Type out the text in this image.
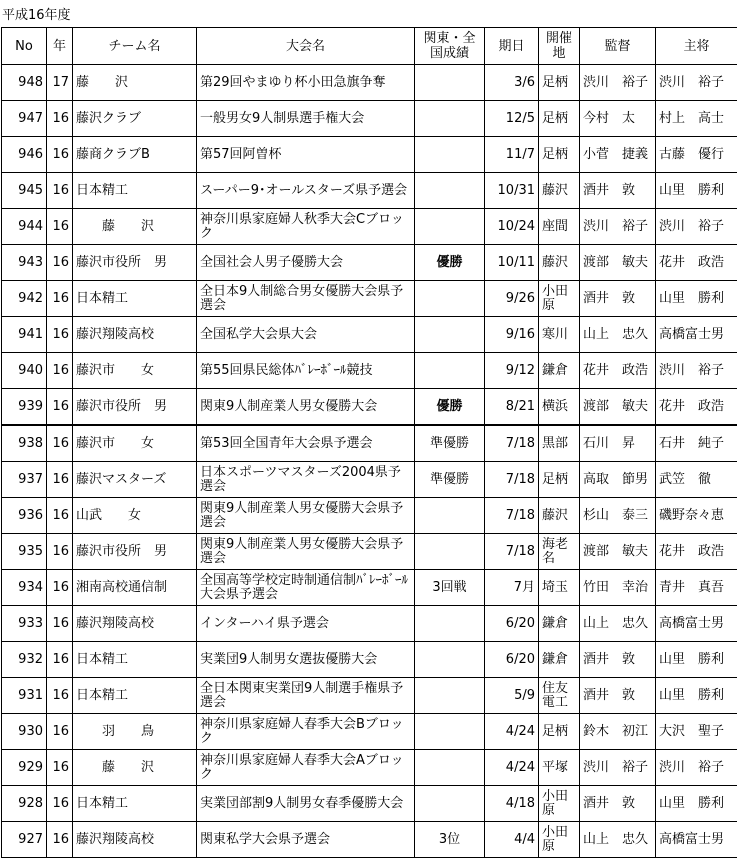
平成16年度
No	年	チーム名	大会名	関東・全国成績	期日	開催地	監督	主将
948	17	藤　　沢	第29回やまゆり杯小田急旗争奪		3/6	足柄	渋川　裕子	渋川　裕子
947	16	藤沢クラブ	一般男女9人制県選手権大会		12/5	足柄	今村　太	村上　高士
946	16	藤商クラブB	第57回阿曽杯		11/7	足柄	小菅　捷義	古藤　優行
945	16	日本精工	スーパー9･オールスターズ県予選会		10/31	藤沢	酒井　敦	山里　勝利
944	16	　　藤　　沢	神奈川県家庭婦人秋季大会Cブロック		10/24	座間	渋川　裕子	渋川　裕子
943	16	藤沢市役所　男	全国社会人男子優勝大会	優勝	10/11	藤沢	渡部　敏夫	花井　政浩
942	16	日本精工	全日本9人制総合男女優勝大会県予選会		9/26	小田原	酒井　敦	山里　勝利
941	16	藤沢翔陵高校	全国私学大会県大会		9/16	寒川	山上　忠久	高橋富士男
940	16	藤沢市　　女	第55回県民総体ﾊﾞﾚｰﾎﾞｰﾙ競技		9/12	鎌倉	花井　政浩	渋川　裕子
939	16	藤沢市役所　男	関東9人制産業人男女優勝大会	優勝	8/21	横浜	渡部　敏夫	花井　政浩
938	16	藤沢市　　女	第53回全国青年大会県予選会	準優勝	7/18	黒部	石川　昇	石井　純子
937	16	藤沢マスターズ	日本スポーツマスターズ2004県予選会	準優勝	7/18	足柄	高取　節男	武笠　徹
936	16	山武　　女	関東9人制産業人男女優勝大会県予選会		7/18	藤沢	杉山　泰三	磯野奈々恵
935	16	藤沢市役所　男	関東9人制産業人男女優勝大会県予選会		7/18	海老名	渡部　敏夫	花井　政浩
934	16	湘南高校通信制	全国高等学校定時制通信制ﾊﾞﾚｰﾎﾞｰﾙ大会県予選会	3回戦	7月	埼玉	竹田　幸治	青井　真吾
933	16	藤沢翔陵高校	インターハイ県予選会		6/20	鎌倉	山上　忠久	高橋富士男
932	16	日本精工	実業団9人制男女選抜優勝大会		6/20	鎌倉	酒井　敦	山里　勝利
931	16	日本精工	全日本関東実業団9人制選手権県予選会		5/9	住友電工	酒井　敦	山里　勝利
930	16	　　羽　　鳥	神奈川県家庭婦人春季大会Bブロック		4/24	足柄	鈴木　初江	大沢　聖子
929	16	　　藤　　沢	神奈川県家庭婦人春季大会Aブロック		4/24	平塚	渋川　裕子	渋川　裕子
928	16	日本精工	実業団部割9人制男女春季優勝大会		4/18	小田原	酒井　敦	山里　勝利
927	16	藤沢翔陵高校	関東私学大会県予選会	3位	4/4	小田原	山上　忠久	高橋富士男
